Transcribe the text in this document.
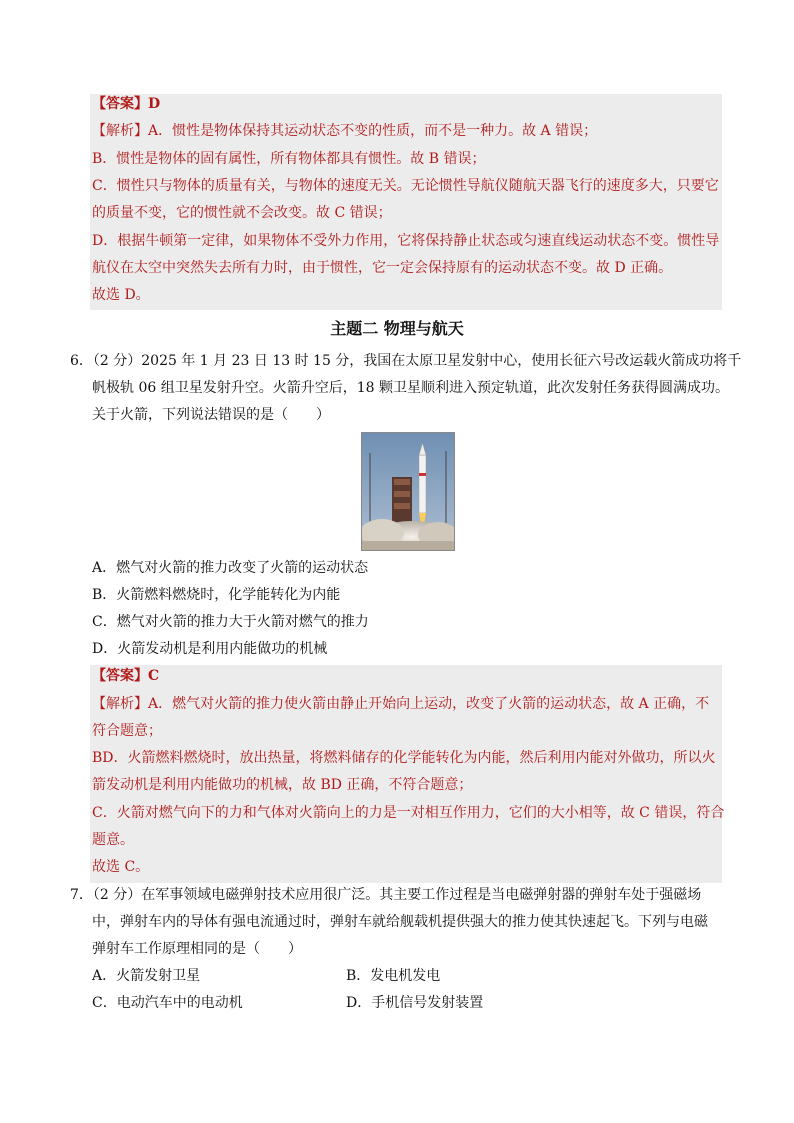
【答案】D
【解析】A．惯性是物体保持其运动状态不变的性质，而不是一种力。故 A 错误；
B．惯性是物体的固有属性，所有物体都具有惯性。故 B 错误；
C．惯性只与物体的质量有关，与物体的速度无关。无论惯性导航仪随航天器飞行的速度多大，只要它
的质量不变，它的惯性就不会改变。故 C 错误；
D．根据牛顿第一定律，如果物体不受外力作用，它将保持静止状态或匀速直线运动状态不变。惯性导
航仪在太空中突然失去所有力时，由于惯性，它一定会保持原有的运动状态不变。故 D 正确。
故选 D。
主题二 物理与航天
6．（2 分）2025 年 1 月 23 日 13 时 15 分，我国在太原卫星发射中心，使用长征六号改运载火箭成功将千
帆极轨 06 组卫星发射升空。火箭升空后，18 颗卫星顺利进入预定轨道，此次发射任务获得圆满成功。
关于火箭，下列说法错误的是（　　）
A．燃气对火箭的推力改变了火箭的运动状态
B．火箭燃料燃烧时，化学能转化为内能
C．燃气对火箭的推力大于火箭对燃气的推力
D．火箭发动机是利用内能做功的机械
【答案】C
【解析】A．燃气对火箭的推力使火箭由静止开始向上运动，改变了火箭的运动状态，故 A 正确，不
符合题意；
BD．火箭燃料燃烧时，放出热量，将燃料储存的化学能转化为内能，然后利用内能对外做功，所以火
箭发动机是利用内能做功的机械，故 BD 正确，不符合题意；
C．火箭对燃气向下的力和气体对火箭向上的力是一对相互作用力，它们的大小相等，故 C 错误，符合
题意。
故选 C。
7．（2 分）在军事领域电磁弹射技术应用很广泛。其主要工作过程是当电磁弹射器的弹射车处于强磁场
中，弹射车内的导体有强电流通过时，弹射车就给舰载机提供强大的推力使其快速起飞。下列与电磁
弹射车工作原理相同的是（　　）
A．火箭发射卫星	B．发电机发电
C．电动汽车中的电动机	D．手机信号发射装置
